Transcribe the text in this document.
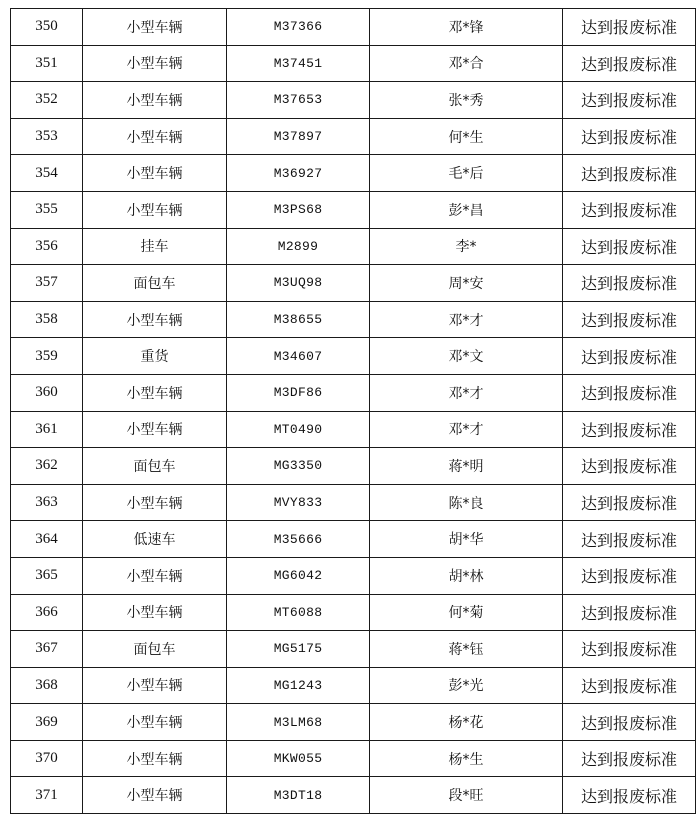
350	小型车辆	M37366	邓*锋	达到报废标准
351	小型车辆	M37451	邓*合	达到报废标准
352	小型车辆	M37653	张*秀	达到报废标准
353	小型车辆	M37897	何*生	达到报废标准
354	小型车辆	M36927	毛*后	达到报废标准
355	小型车辆	M3PS68	彭*昌	达到报废标准
356	挂车	M2899	李*	达到报废标准
357	面包车	M3UQ98	周*安	达到报废标准
358	小型车辆	M38655	邓*才	达到报废标准
359	重货	M34607	邓*文	达到报废标准
360	小型车辆	M3DF86	邓*才	达到报废标准
361	小型车辆	MT0490	邓*才	达到报废标准
362	面包车	MG3350	蒋*明	达到报废标准
363	小型车辆	MVY833	陈*良	达到报废标准
364	低速车	M35666	胡*华	达到报废标准
365	小型车辆	MG6042	胡*林	达到报废标准
366	小型车辆	MT6088	何*菊	达到报废标准
367	面包车	MG5175	蒋*钰	达到报废标准
368	小型车辆	MG1243	彭*光	达到报废标准
369	小型车辆	M3LM68	杨*花	达到报废标准
370	小型车辆	MKW055	杨*生	达到报废标准
371	小型车辆	M3DT18	段*旺	达到报废标准
